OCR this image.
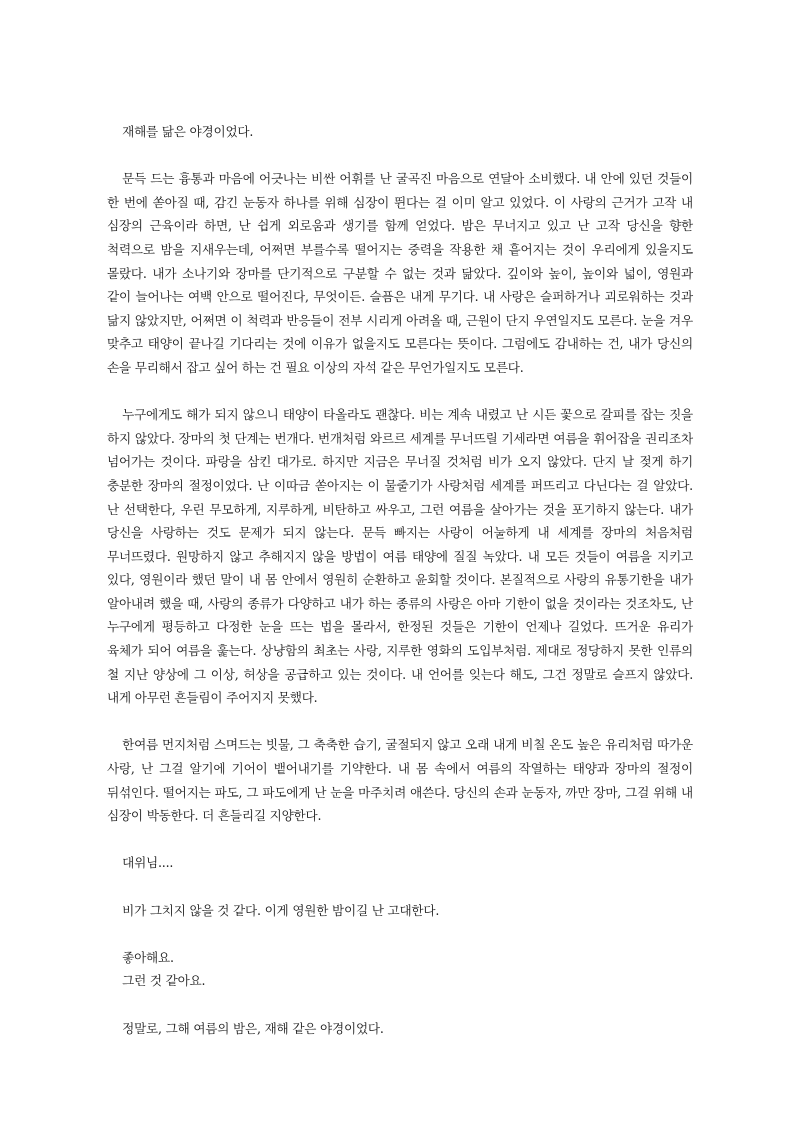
재해를 닮은 야경이었다.

문득 드는 흉통과 마음에 어긋나는 비싼 어휘를 난 굴곡진 마음으로 연달아 소비했다. 내 안에 있던 것들이 한 번에 쏟아질 때, 감긴 눈동자 하나를 위해 심장이 뛴다는 걸 이미 알고 있었다. 이 사랑의 근거가 고작 내 심장의 근육이라 하면, 난 쉽게 외로움과 생기를 함께 얻었다. 밤은 무너지고 있고 난 고작 당신을 향한 척력으로 밤을 지새우는데, 어쩌면 부를수록 떨어지는 중력을 작용한 채 흩어지는 것이 우리에게 있을지도 몰랐다. 내가 소나기와 장마를 단기적으로 구분할 수 없는 것과 닮았다. 깊이와 높이, 높이와 넓이, 영원과 같이 늘어나는 여백 안으로 떨어진다, 무엇이든. 슬픔은 내게 무기다. 내 사랑은 슬퍼하거나 괴로워하는 것과 닮지 않았지만, 어쩌면 이 척력과 반응들이 전부 시리게 아려올 때, 근원이 단지 우연일지도 모른다. 눈을 겨우 맞추고 태양이 끝나길 기다리는 것에 이유가 없을지도 모른다는 뜻이다. 그럼에도 감내하는 건, 내가 당신의 손을 무리해서 잡고 싶어 하는 건 필요 이상의 자석 같은 무언가일지도 모른다.

누구에게도 해가 되지 않으니 태양이 타올라도 괜찮다. 비는 계속 내렸고 난 시든 꽃으로 갈피를 잡는 짓을 하지 않았다. 장마의 첫 단계는 번개다. 번개처럼 와르르 세계를 무너뜨릴 기세라면 여름을 휘어잡을 권리조차 넘어가는 것이다. 파랑을 삼킨 대가로. 하지만 지금은 무너질 것처럼 비가 오지 않았다. 단지 날 젖게 하기 충분한 장마의 절정이었다. 난 이따금 쏟아지는 이 물줄기가 사랑처럼 세계를 퍼뜨리고 다닌다는 걸 알았다. 난 선택한다, 우린 무모하게, 지루하게, 비탄하고 싸우고, 그런 여름을 살아가는 것을 포기하지 않는다. 내가 당신을 사랑하는 것도 문제가 되지 않는다. 문득 빠지는 사랑이 어눌하게 내 세계를 장마의 처음처럼 무너뜨렸다. 원망하지 않고 추해지지 않을 방법이 여름 태양에 질질 녹았다. 내 모든 것들이 여름을 지키고 있다, 영원이라 했던 말이 내 몸 안에서 영원히 순환하고 윤회할 것이다. 본질적으로 사랑의 유통기한을 내가 알아내려 했을 때, 사랑의 종류가 다양하고 내가 하는 종류의 사랑은 아마 기한이 없을 것이라는 것조차도, 난 누구에게 평등하고 다정한 눈을 뜨는 법을 몰라서, 한정된 것들은 기한이 언제나 길었다. 뜨거운 유리가 육체가 되어 여름을 훑는다. 상냥함의 최초는 사랑, 지루한 영화의 도입부처럼. 제대로 정당하지 못한 인류의 철 지난 양상에 그 이상, 허상을 공급하고 있는 것이다. 내 언어를 잊는다 해도, 그건 정말로 슬프지 않았다. 내게 아무런 흔들림이 주어지지 못했다.

한여름 먼지처럼 스며드는 빗물, 그 축축한 습기, 굴절되지 않고 오래 내게 비칠 온도 높은 유리처럼 따가운 사랑, 난 그걸 알기에 기어이 뱉어내기를 기약한다. 내 몸 속에서 여름의 작열하는 태양과 장마의 절정이 뒤섞인다. 떨어지는 파도, 그 파도에게 난 눈을 마주치려 애쓴다. 당신의 손과 눈동자, 까만 장마, 그걸 위해 내 심장이 박동한다. 더 흔들리길 지양한다.

대위님....

비가 그치지 않을 것 같다. 이게 영원한 밤이길 난 고대한다.

좋아해요.

그런 것 같아요.

정말로, 그해 여름의 밤은, 재해 같은 야경이었다.
